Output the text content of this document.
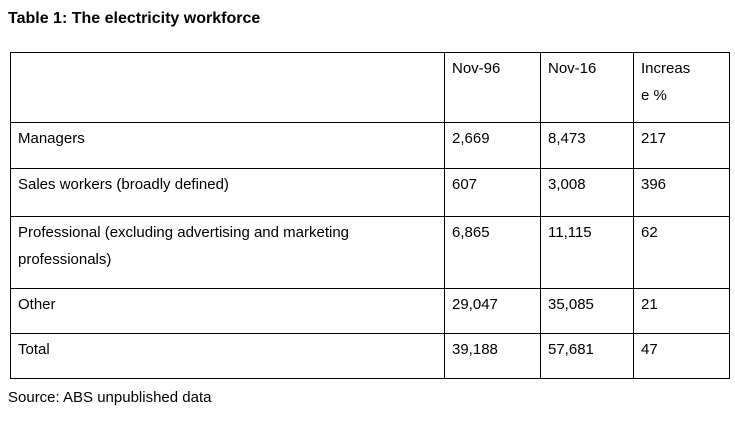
Table 1: The electricity workforce
	Nov-96	Nov-16	Increase %
Managers	2,669	8,473	217
Sales workers (broadly defined)	607	3,008	396
Professional (excluding advertising and marketing professionals)	6,865	11,115	62
Other	29,047	35,085	21
Total	39,188	57,681	47
Source: ABS unpublished data
